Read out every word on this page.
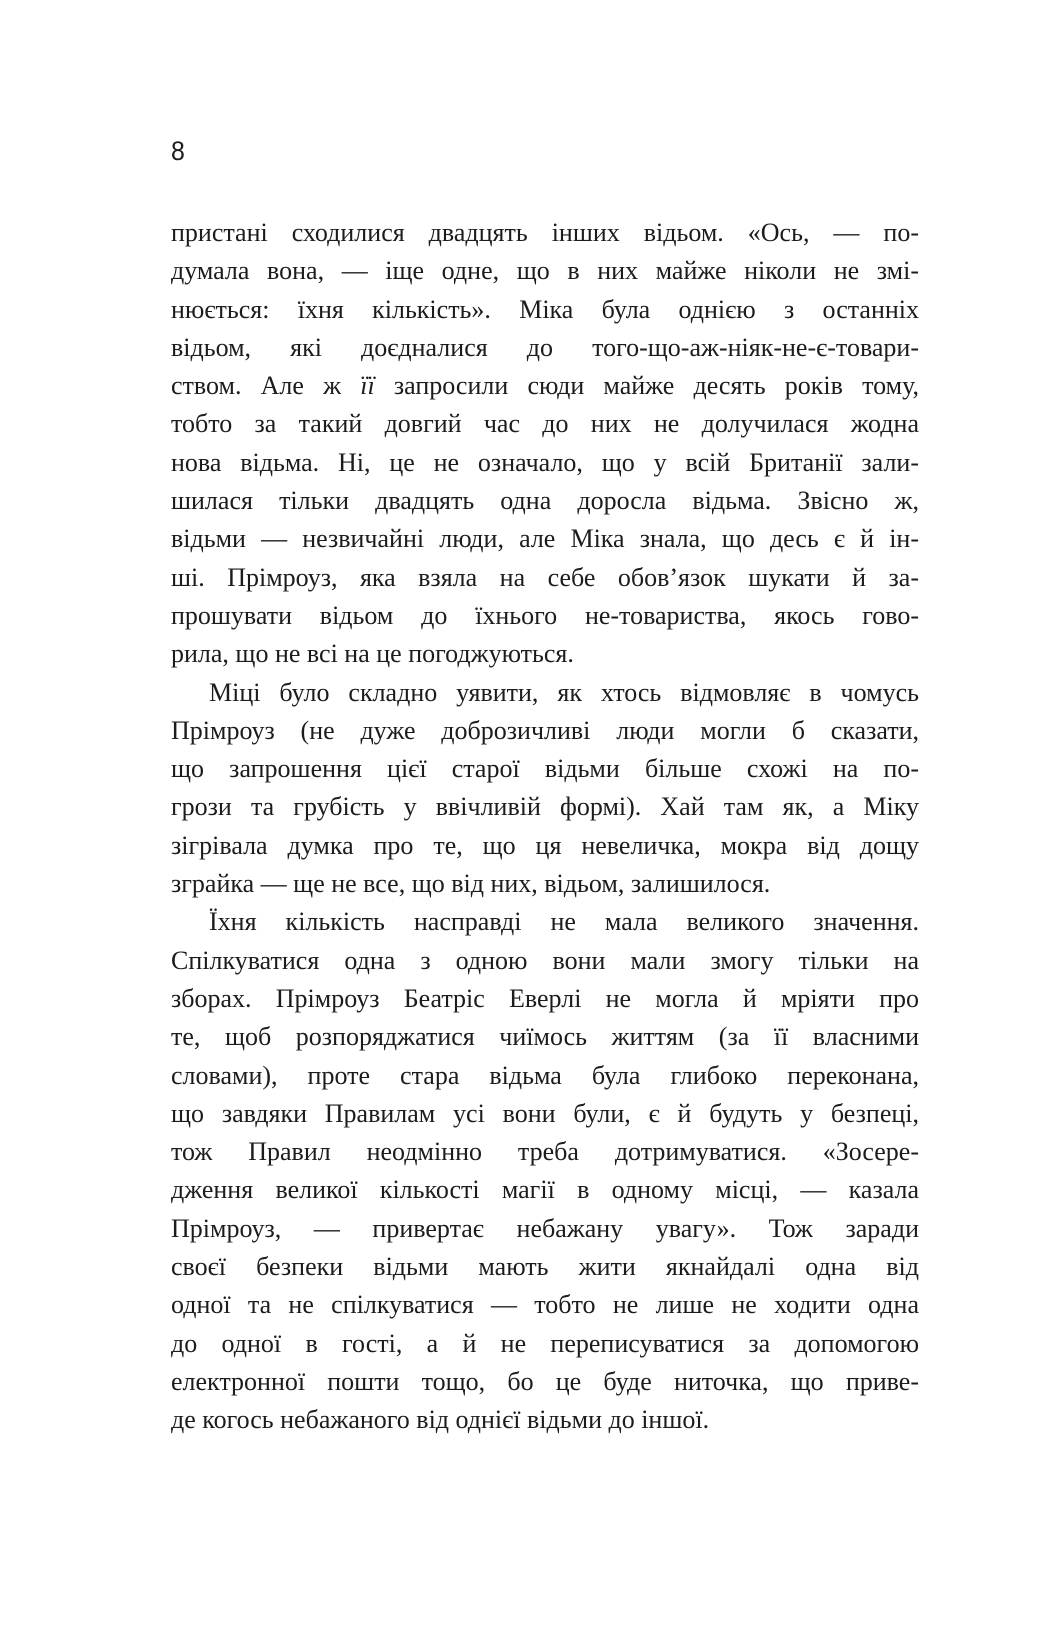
8
пристані сходилися двадцять інших відьом. «Ось, — по-
думала вона, — іще одне, що в них майже ніколи не змі-
нюється: їхня кількість». Міка була однією з останніх
відьом, які доєдналися до того-що-аж-ніяк-не-є-товари-
ством. Але ж її запросили сюди майже десять років тому,
тобто за такий довгий час до них не долучилася жодна
нова відьма. Ні, це не означало, що у всій Британії зали-
шилася тільки двадцять одна доросла відьма. Звісно ж,
відьми — незвичайні люди, але Міка знала, що десь є й ін-
ші. Прімроуз, яка взяла на себе обов’язок шукати й за-
прошувати відьом до їхнього не-товариства, якось гово-
рила, що не всі на це погоджуються.
Міці було складно уявити, як хтось відмовляє в чомусь
Прімроуз (не дуже доброзичливі люди могли б сказати,
що запрошення цієї старої відьми більше схожі на по-
грози та грубість у ввічливій формі). Хай там як, а Міку
зігрівала думка про те, що ця невеличка, мокра від дощу
зграйка — ще не все, що від них, відьом, залишилося.
Їхня кількість насправді не мала великого значення.
Спілкуватися одна з одною вони мали змогу тільки на
зборах. Прімроуз Беатріс Еверлі не могла й мріяти про
те, щоб розпоряджатися чиїмось життям (за її власними
словами), проте стара відьма була глибоко переконана,
що завдяки Правилам усі вони були, є й будуть у безпеці,
тож Правил неодмінно треба дотримуватися. «Зосере-
дження великої кількості магії в одному місці, — казала
Прімроуз, — привертає небажану увагу». Тож заради
своєї безпеки відьми мають жити якнайдалі одна від
одної та не спілкуватися — тобто не лише не ходити одна
до одної в гості, а й не переписуватися за допомогою
електронної пошти тощо, бо це буде ниточка, що приве-
де когось небажаного від однієї відьми до іншої.
